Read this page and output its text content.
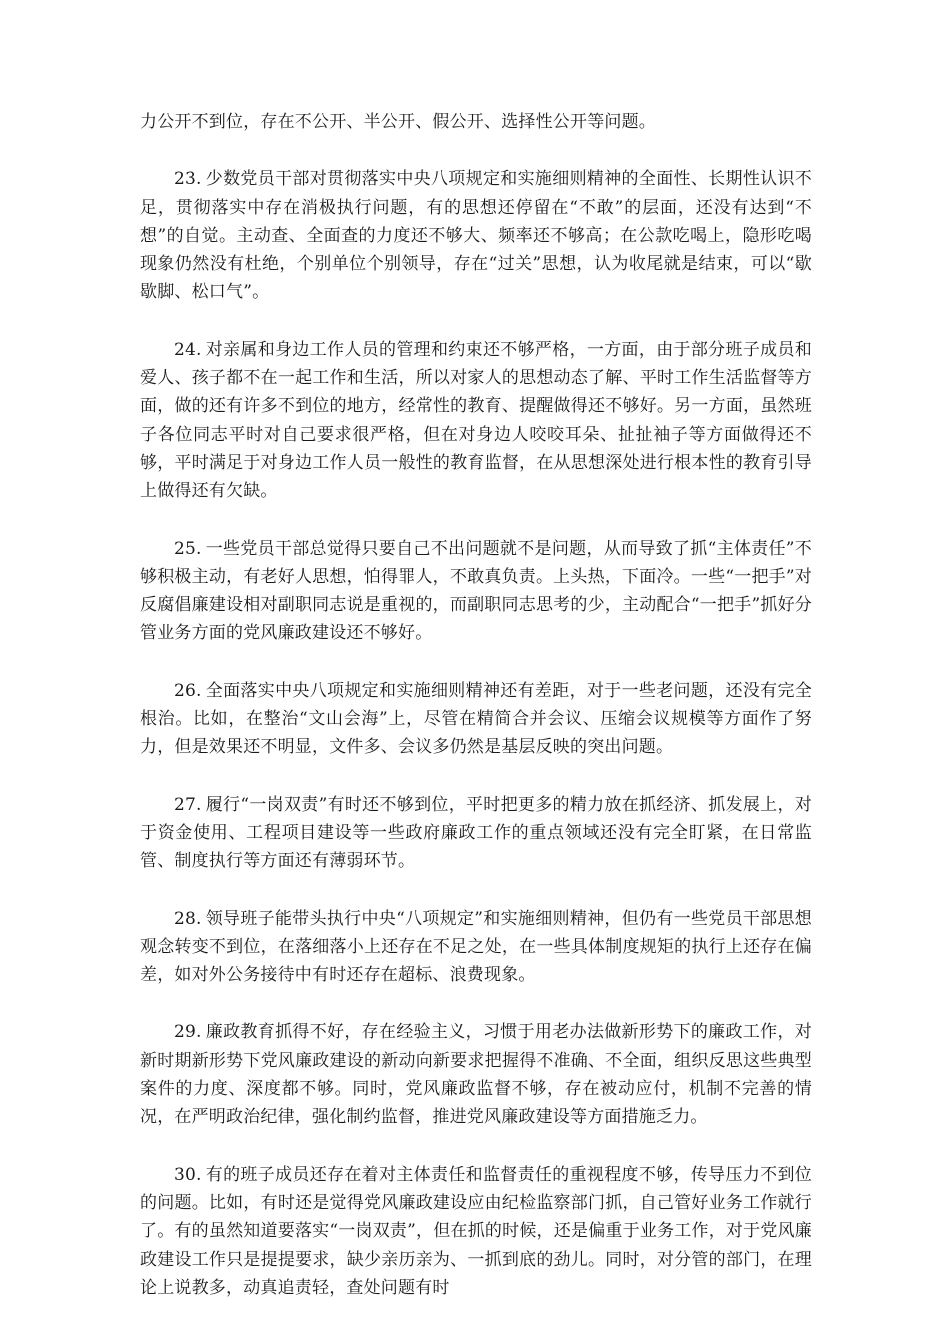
力公开不到位，存在不公开、半公开、假公开、选择性公开等问题。

23. 少数党员干部对贯彻落实中央八项规定和实施细则精神的全面性、长期性认识不足，贯彻落实中存在消极执行问题，有的思想还停留在“不敢”的层面，还没有达到“不想”的自觉。主动查、全面查的力度还不够大、频率还不够高；在公款吃喝上，隐形吃喝现象仍然没有杜绝，个别单位个别领导，存在“过关”思想，认为收尾就是结束，可以“歇歇脚、松口气”。

24. 对亲属和身边工作人员的管理和约束还不够严格，一方面，由于部分班子成员和爱人、孩子都不在一起工作和生活，所以对家人的思想动态了解、平时工作生活监督等方面，做的还有许多不到位的地方，经常性的教育、提醒做得还不够好。另一方面，虽然班子各位同志平时对自己要求很严格，但在对身边人咬咬耳朵、扯扯袖子等方面做得还不够，平时满足于对身边工作人员一般性的教育监督，在从思想深处进行根本性的教育引导上做得还有欠缺。

25. 一些党员干部总觉得只要自己不出问题就不是问题，从而导致了抓“主体责任”不够积极主动，有老好人思想，怕得罪人，不敢真负责。上头热，下面冷。一些“一把手”对反腐倡廉建设相对副职同志说是重视的，而副职同志思考的少，主动配合“一把手”抓好分管业务方面的党风廉政建设还不够好。

26. 全面落实中央八项规定和实施细则精神还有差距，对于一些老问题，还没有完全根治。比如，在整治“文山会海”上，尽管在精简合并会议、压缩会议规模等方面作了努力，但是效果还不明显，文件多、会议多仍然是基层反映的突出问题。

27. 履行“一岗双责”有时还不够到位，平时把更多的精力放在抓经济、抓发展上，对于资金使用、工程项目建设等一些政府廉政工作的重点领域还没有完全盯紧，在日常监管、制度执行等方面还有薄弱环节。

28. 领导班子能带头执行中央“八项规定”和实施细则精神，但仍有一些党员干部思想观念转变不到位，在落细落小上还存在不足之处，在一些具体制度规矩的执行上还存在偏差，如对外公务接待中有时还存在超标、浪费现象。

29. 廉政教育抓得不好，存在经验主义，习惯于用老办法做新形势下的廉政工作，对新时期新形势下党风廉政建设的新动向新要求把握得不准确、不全面，组织反思这些典型案件的力度、深度都不够。同时，党风廉政监督不够，存在被动应付，机制不完善的情况，在严明政治纪律，强化制约监督，推进党风廉政建设等方面措施乏力。

30. 有的班子成员还存在着对主体责任和监督责任的重视程度不够，传导压力不到位的问题。比如，有时还是觉得党风廉政建设应由纪检监察部门抓，自己管好业务工作就行了。有的虽然知道要落实“一岗双责”，但在抓的时候，还是偏重于业务工作，对于党风廉政建设工作只是提提要求，缺少亲历亲为、一抓到底的劲儿。同时，对分管的部门，在理论上说教多，动真追责轻，查处问题有时
